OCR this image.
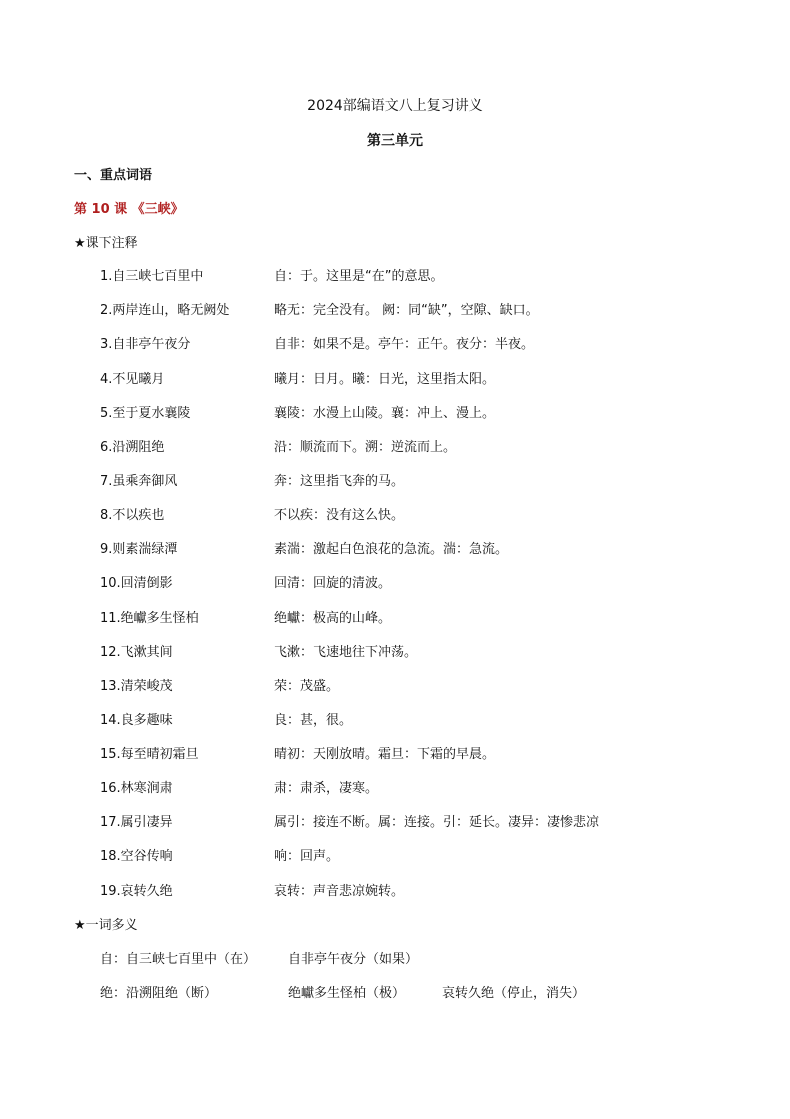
2024部编语文八上复习讲义
第三单元
一、重点词语
第 10 课 《三峡》
★课下注释
1.自三峡七百里中	自：于。这里是“在”的意思。
2.两岸连山，略无阙处	略无：完全没有。 阙：同“缺”，空隙、缺口。
3.自非亭午夜分	自非：如果不是。亭午：正午。夜分：半夜。
4.不见曦月	曦月：日月。曦：日光，这里指太阳。
5.至于夏水襄陵	襄陵：水漫上山陵。襄：冲上、漫上。
6.沿溯阻绝	沿：顺流而下。溯：逆流而上。
7.虽乘奔御风	奔：这里指飞奔的马。
8.不以疾也	不以疾：没有这么快。
9.则素湍绿潭	素湍：激起白色浪花的急流。湍：急流。
10.回清倒影	回清：回旋的清波。
11.绝巘多生怪柏	绝巘：极高的山峰。
12.飞漱其间	飞漱：飞速地往下冲荡。
13.清荣峻茂	荣：茂盛。
14.良多趣味	良：甚，很。
15.每至晴初霜旦	晴初：天刚放晴。霜旦：下霜的早晨。
16.林寒涧肃	肃：肃杀，凄寒。
17.属引凄异	属引：接连不断。属：连接。引：延长。凄异：凄惨悲凉
18.空谷传响	响：回声。
19.哀转久绝	哀转：声音悲凉婉转。
★一词多义
自：自三峡七百里中（在） 自非亭午夜分（如果）
绝：沿溯阻绝（断）	绝巘多生怪柏（极）	哀转久绝（停止，消失）
